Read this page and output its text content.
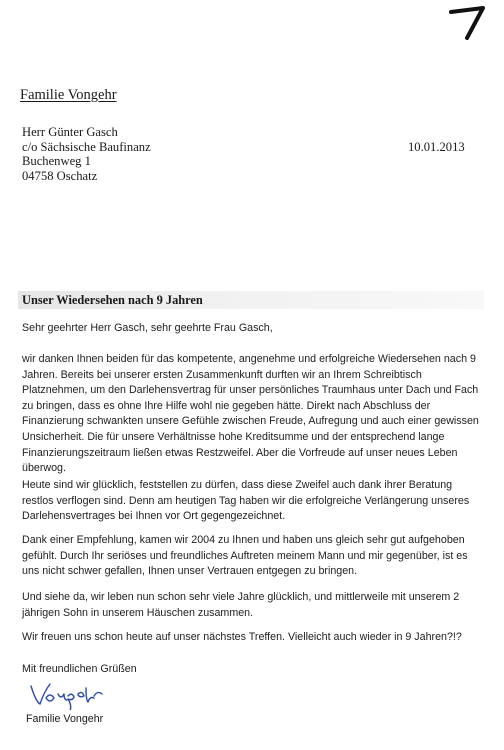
Familie Vongehr
Herr Günter Gasch
c/o Sächsische Baufinanz
Buchenweg 1
04758 Oschatz
10.01.2013
Unser Wiedersehen nach 9 Jahren
Sehr geehrter Herr Gasch, sehr geehrte Frau Gasch,

wir danken Ihnen beiden für das kompetente, angenehme und erfolgreiche Wiedersehen nach 9 Jahren. Bereits bei unserer ersten Zusammenkunft durften wir an Ihrem Schreibtisch Platznehmen, um den Darlehensvertrag für unser persönliches Traumhaus unter Dach und Fach zu bringen, dass es ohne Ihre Hilfe wohl nie gegeben hätte. Direkt nach Abschluss der Finanzierung schwankten unsere Gefühle zwischen Freude, Aufregung und auch einer gewissen Unsicherheit. Die für unsere Verhältnisse hohe Kreditsumme und der entsprechend lange Finanzierungszeitraum ließen etwas Restzweifel. Aber die Vorfreude auf unser neues Leben überwog.

Heute sind wir glücklich, feststellen zu dürfen, dass diese Zweifel auch dank ihrer Beratung restlos verflogen sind. Denn am heutigen Tag haben wir die erfolgreiche Verlängerung unseres Darlehensvertrages bei Ihnen vor Ort gegengezeichnet.

Dank einer Empfehlung, kamen wir 2004 zu Ihnen und haben uns gleich sehr gut aufgehoben gefühlt. Durch Ihr seriöses und freundliches Auftreten meinem Mann und mir gegenüber, ist es uns nicht schwer gefallen, Ihnen unser Vertrauen entgegen zu bringen.

Und siehe da, wir leben nun schon sehr viele Jahre glücklich, und mittlerweile mit unserem 2 jährigen Sohn in unserem Häuschen zusammen.

Wir freuen uns schon heute auf unser nächstes Treffen. Vielleicht auch wieder in 9 Jahren?!?

Mit freundlichen Grüßen
Familie Vongehr
